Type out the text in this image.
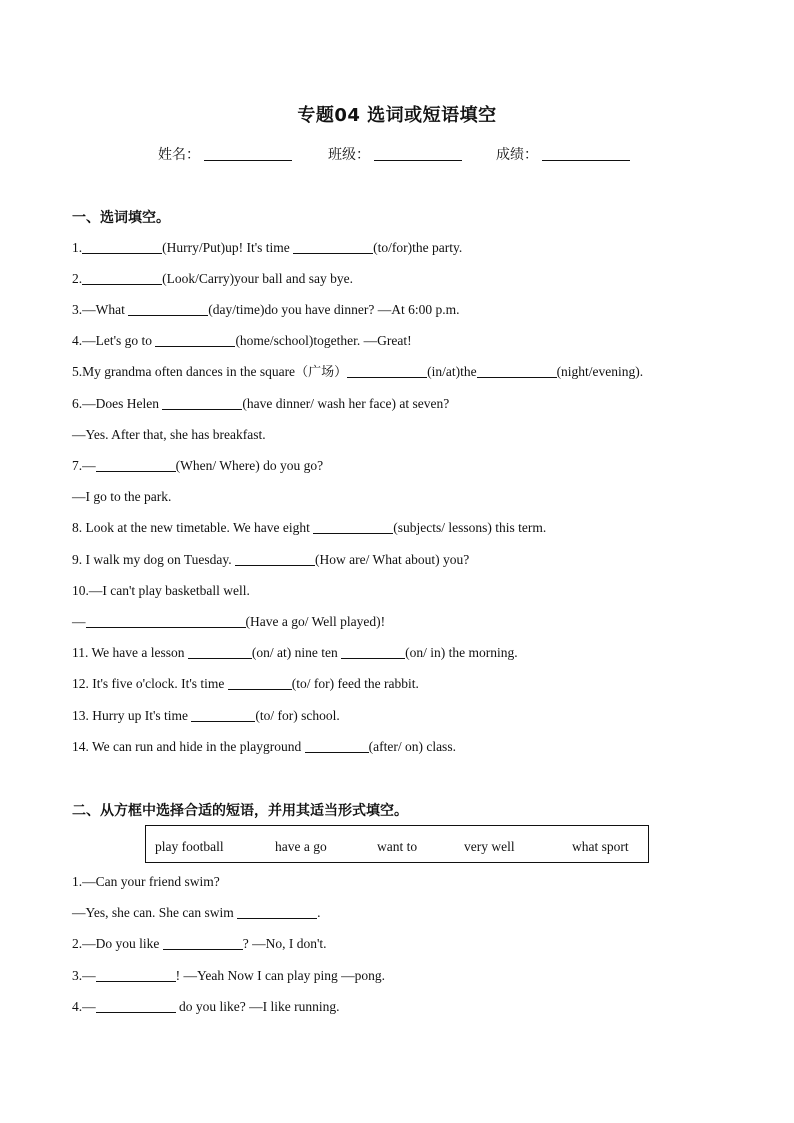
专题04 选词或短语填空
姓名：	班级：	成绩：
一、选词填空。
1.	(Hurry/Put)up! It's time	(to/for)the party.
2.	(Look/Carry)your ball and say bye.
3.—What	(day/time)do you have dinner? —At 6:00 p.m.
4.—Let's go to	(home/school)together. —Great!
5.My grandma often dances in the square（广场）	(in/at)the	(night/evening).
6.—Does Helen	(have dinner/ wash her face) at seven?
—Yes. After that, she has breakfast.
7.—	(When/ Where) do you go?
—I go to the park.
8. Look at the new timetable. We have eight	(subjects/ lessons) this term.
9. I walk my dog on Tuesday.	(How are/ What about) you?
10.—I can't play basketball well.
—	(Have a go/ Well played)!
11. We have a lesson	(on/ at) nine ten	(on/ in) the morning.
12. It's five o'clock. It's time	(to/ for) feed the rabbit.
13. Hurry up It's time	(to/ for) school.
14. We can run and hide in the playground	(after/ on) class.
二、从方框中选择合适的短语，并用其适当形式填空。
play football	have a go	want to	very well	what sport
1.—Can your friend swim?
—Yes, she can. She can swim	.
2.—Do you like	? —No, I don't.
3.—	! —Yeah Now I can play ping —pong.
4.—	do you like? —I like running.
